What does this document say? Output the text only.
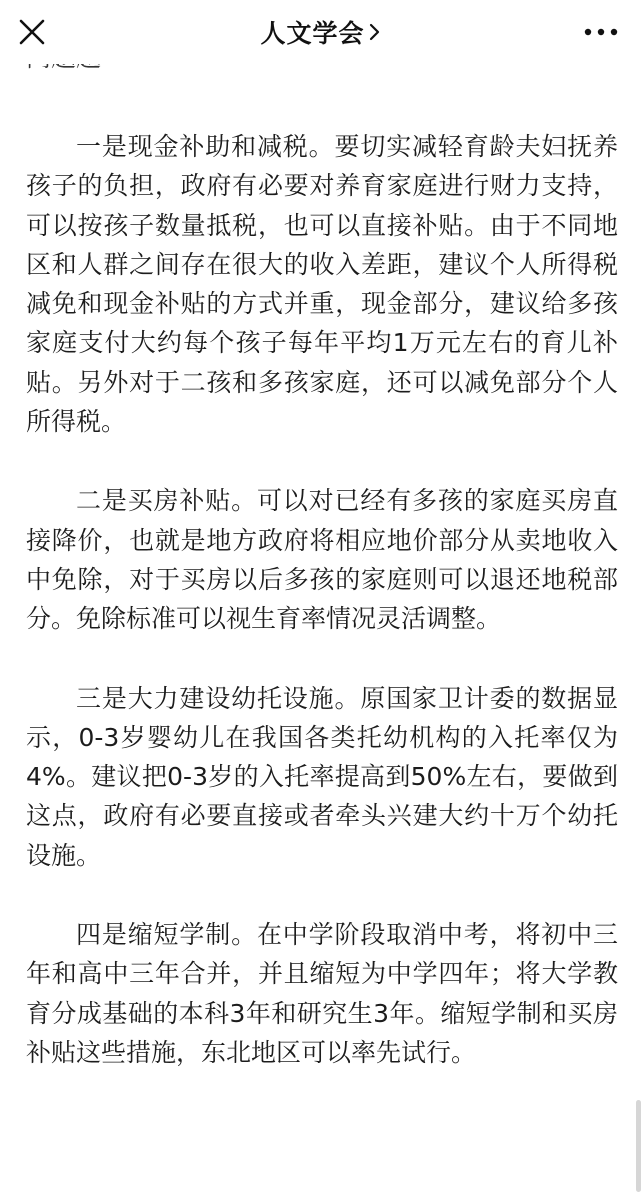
人文学会

一是现金补助和减税。要切实减轻育龄夫妇抚养孩子的负担，政府有必要对养育家庭进行财力支持，可以按孩子数量抵税，也可以直接补贴。由于不同地区和人群之间存在很大的收入差距，建议个人所得税减免和现金补贴的方式并重，现金部分，建议给多孩家庭支付大约每个孩子每年平均1万元左右的育儿补贴。另外对于二孩和多孩家庭，还可以减免部分个人所得税。

二是买房补贴。可以对已经有多孩的家庭买房直接降价，也就是地方政府将相应地价部分从卖地收入中免除，对于买房以后多孩的家庭则可以退还地税部分。免除标准可以视生育率情况灵活调整。

三是大力建设幼托设施。原国家卫计委的数据显示，0-3岁婴幼儿在我国各类托幼机构的入托率仅为4%。建议把0-3岁的入托率提高到50%左右，要做到这点，政府有必要直接或者牵头兴建大约十万个幼托设施。

四是缩短学制。在中学阶段取消中考，将初中三年和高中三年合并，并且缩短为中学四年；将大学教育分成基础的本科3年和研究生3年。缩短学制和买房补贴这些措施，东北地区可以率先试行。
